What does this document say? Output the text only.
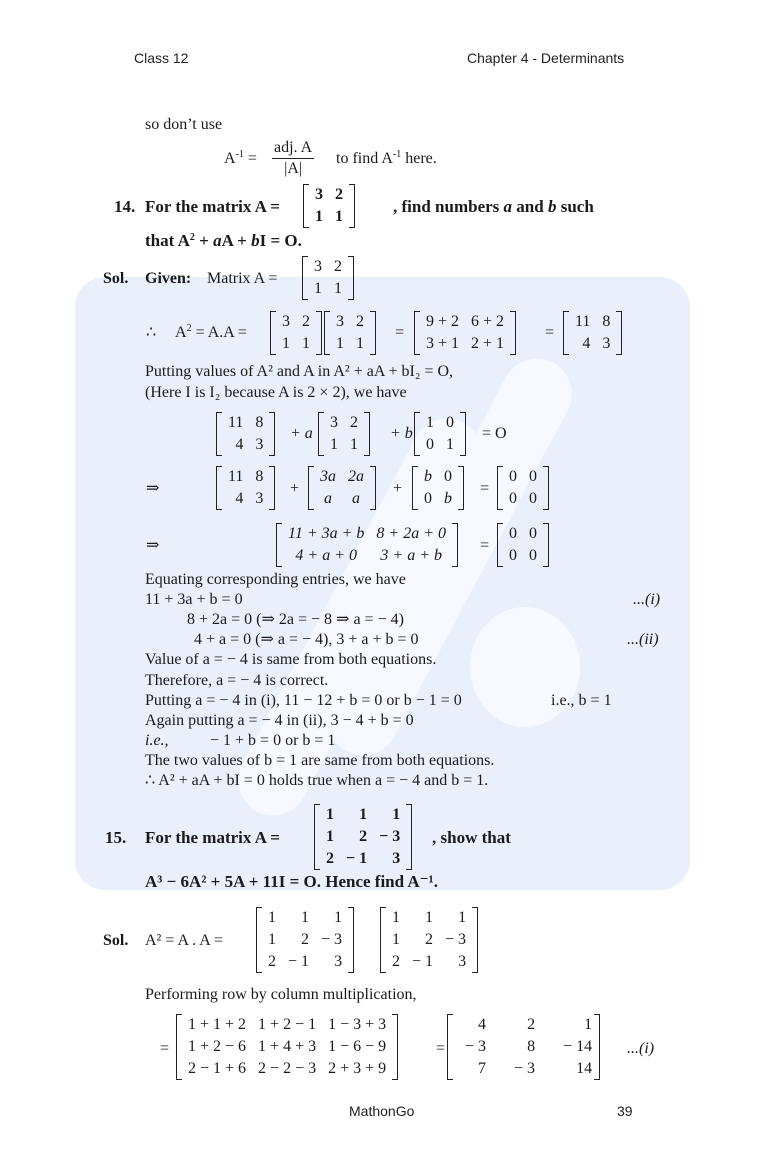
Class 12	Chapter 4 - Determinants
so don’t use
$A^{-1}$ =
adj. A
|A|
to find $A^{-1}$ here.
14. For the matrix A =
3	2
1	1
, find numbers a and b such
that $A^2$ + aA + bI = O.
Sol. Given: Matrix A =
3	2
1	1
∴ $A^2 = A.A$ =
3	2
1	1
3	2
1	1
=
9 + 2	6 + 2
3 + 1	2 + 1
=
11	8
4	3
Putting values of A² and A in A² + aA + bI₂ = O,
(Here I is I₂ because A is 2 × 2), we have
11	8
4	3
+ a
3	2
1	1
+ b
1	0
0	1
= O
⇒
11	8
4	3
+
3a	2a
a	a
+
b	0
0	b
=
0	0
0	0
⇒
11 + 3a + b	8 + 2a + 0
4 + a + 0	3 + a + b
=
0	0
0	0
Equating corresponding entries, we have
11 + 3a + b = 0	...(i)
8 + 2a = 0 (⇒ 2a = − 8 ⇒ a = − 4)
4 + a = 0 (⇒ a = − 4), 3 + a + b = 0	...(ii)
Value of a = − 4 is same from both equations.
Therefore, a = − 4 is correct.
Putting a = − 4 in (i), 11 − 12 + b = 0 or b − 1 = 0	i.e., b = 1
Again putting a = − 4 in (ii), 3 − 4 + b = 0
i.e.,	− 1 + b = 0 or b = 1
The two values of b = 1 are same from both equations.
∴ A² + aA + bI = 0 holds true when a = − 4 and b = 1.
15. For the matrix A =
1	1	1
1	2	− 3
2	− 1	3
, show that
A³ − 6A² + 5A + 11I = O. Hence find A⁻¹.
Sol. A² = A . A =
1	1	1
1	2	− 3
2	− 1	3
1	1	1
1	2	− 3
2	− 1	3
Performing row by column multiplication,
=
1 + 1 + 2	1 + 2 − 1	1 − 3 + 3
1 + 2 − 6	1 + 4 + 3	1 − 6 − 9
2 − 1 + 6	2 − 2 − 3	2 + 3 + 9
=
4	2	1
− 3	8	− 14
7	− 3	14
...(i)
MathonGo	39
